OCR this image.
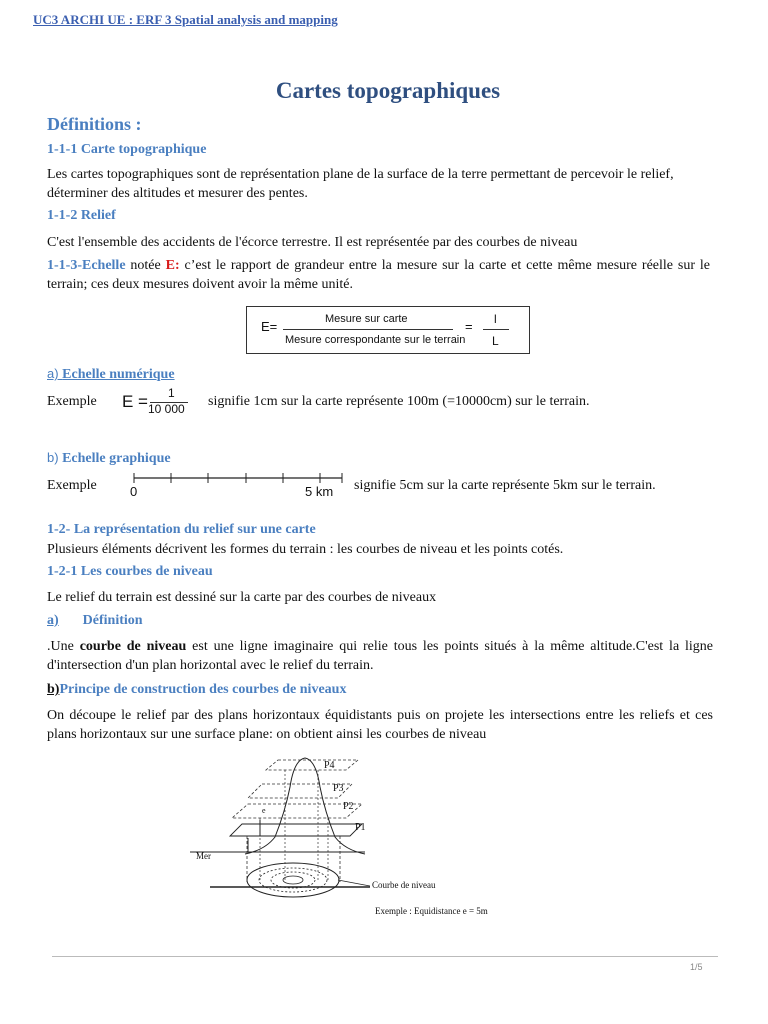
UC3 ARCHI UE : ERF 3 Spatial analysis and mapping
Cartes topographiques
Définitions :
1-1-1 Carte topographique
Les cartes topographiques sont de représentation plane de la surface de la terre permettant de percevoir le relief, déterminer des altitudes et mesurer des pentes.
1-1-2 Relief
C'est l'ensemble des accidents de l'écorce terrestre. Il est représentée par des courbes de niveau
1-1-3-Echelle notée E: c’est le rapport de grandeur entre la mesure sur la carte et cette même mesure réelle sur le terrain; ces deux mesures doivent avoir la même unité.
E=	Mesure sur carte
Mesure correspondante sur le terrain
= l
L
a) Echelle numérique
Exemple E = 1
10 000 signifie 1cm sur la carte représente 100m (=10000cm) sur le terrain.
b) Echelle graphique
Exemple	0	5 km signifie 5cm sur la carte représente 5km sur le terrain.
1-2- La représentation du relief sur une carte
Plusieurs éléments décrivent les formes du terrain : les courbes de niveau et les points cotés.
1-2-1 Les courbes de niveau
Le relief du terrain est dessiné sur la carte par des courbes de niveaux
a) Définition
.Une courbe de niveau est une ligne imaginaire qui relie tous les points situés à la même altitude.C'est la ligne d'intersection d'un plan horizontal avec le relief du terrain.
b)Principe de construction des courbes de niveaux
On découpe le relief par des plans horizontaux équidistants puis on projete les intersections entre les reliefs et ces plans horizontaux sur une surface plane: on obtient ainsi les courbes de niveau
P4
P3
P2
P1
Mer
e
Courbe de niveau
Exemple : Equidistance e = 5m
1/5
